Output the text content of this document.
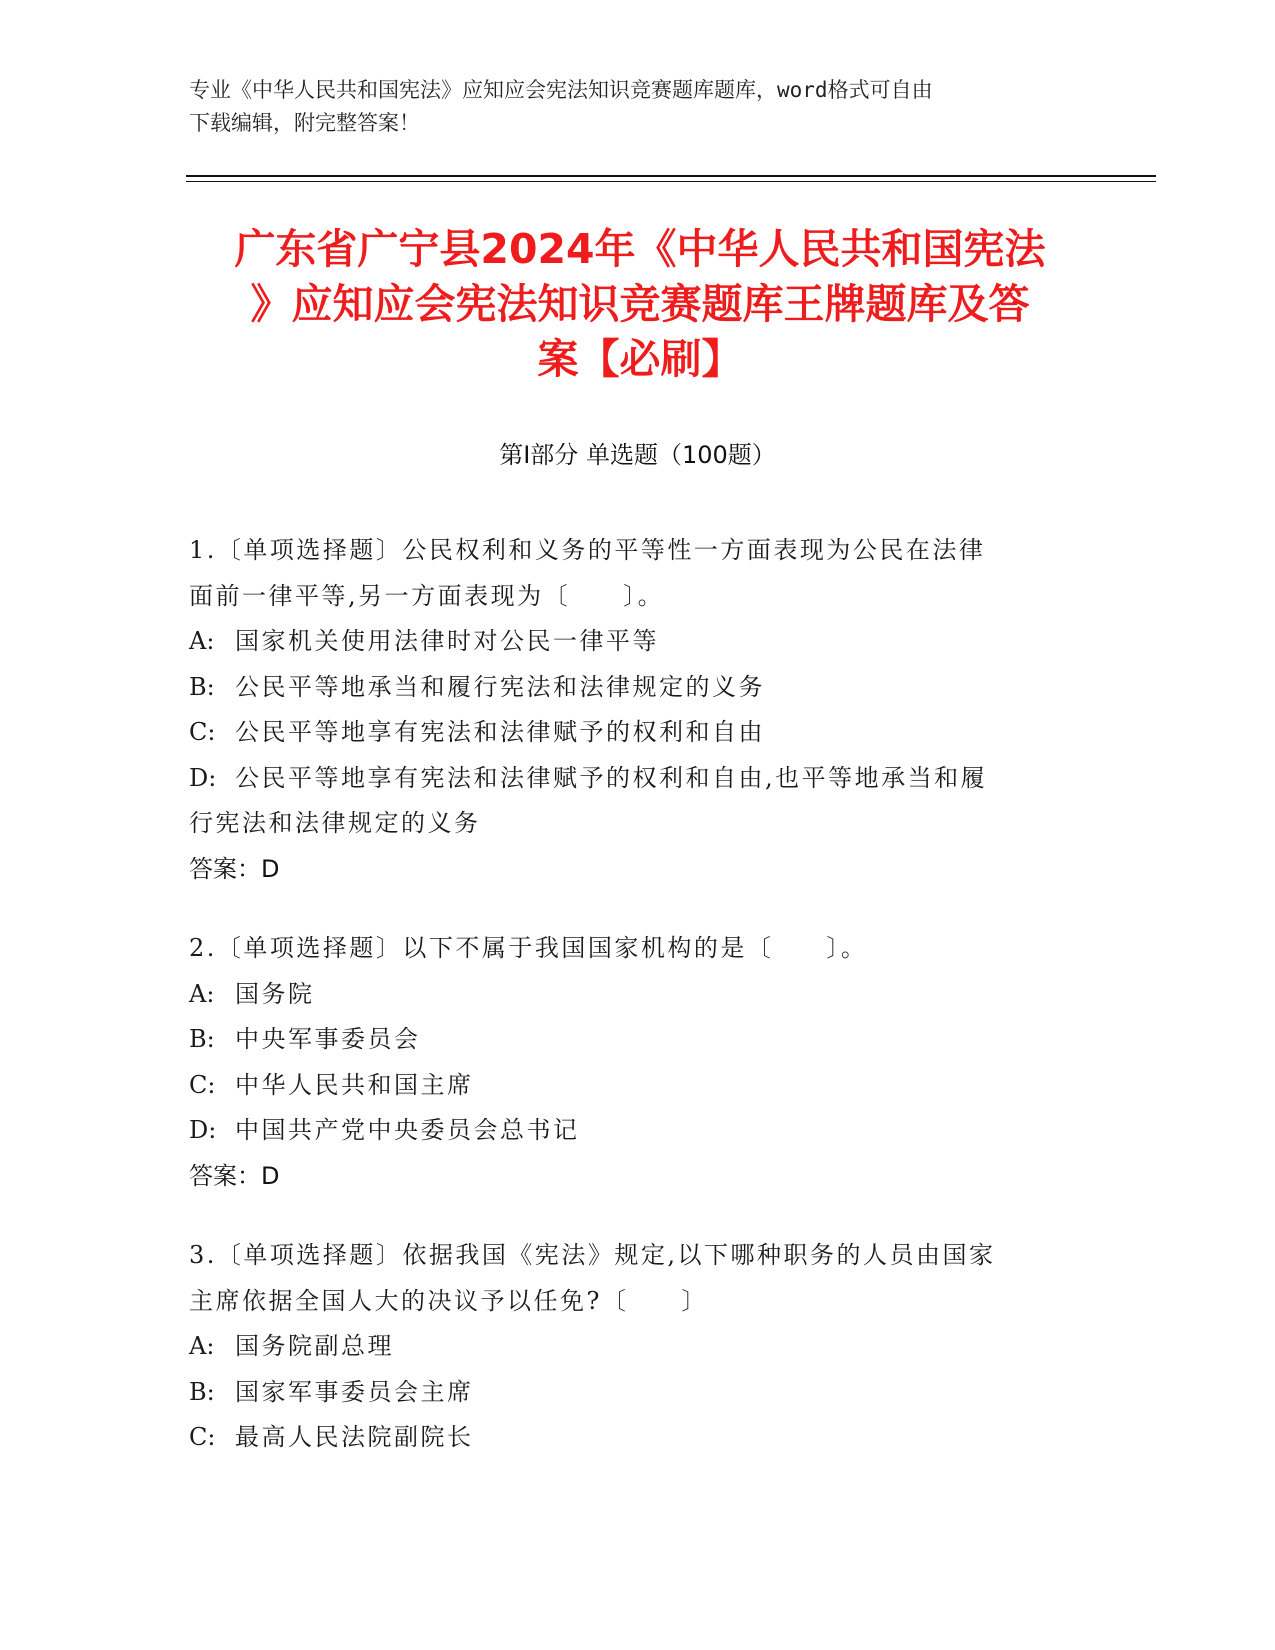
专业《中华人民共和国宪法》应知应会宪法知识竞赛题库题库，word格式可自由
下载编辑，附完整答案！
广东省广宁县2024年《中华人民共和国宪法
》应知应会宪法知识竞赛题库王牌题库及答
案【必刷】
第Ⅰ部分 单选题（100题）
1.〔单项选择题〕公民权利和义务的平等性一方面表现为公民在法律
面前一律平等,另一方面表现为〔　　〕。
A: 国家机关使用法律时对公民一律平等
B: 公民平等地承当和履行宪法和法律规定的义务
C: 公民平等地享有宪法和法律赋予的权利和自由
D: 公民平等地享有宪法和法律赋予的权利和自由,也平等地承当和履
行宪法和法律规定的义务
答案：D
2.〔单项选择题〕以下不属于我国国家机构的是〔　　〕。
A: 国务院
B: 中央军事委员会
C: 中华人民共和国主席
D: 中国共产党中央委员会总书记
答案：D
3.〔单项选择题〕依据我国《宪法》规定,以下哪种职务的人员由国家
主席依据全国人大的决议予以任免?〔　　〕
A: 国务院副总理
B: 国家军事委员会主席
C: 最高人民法院副院长
